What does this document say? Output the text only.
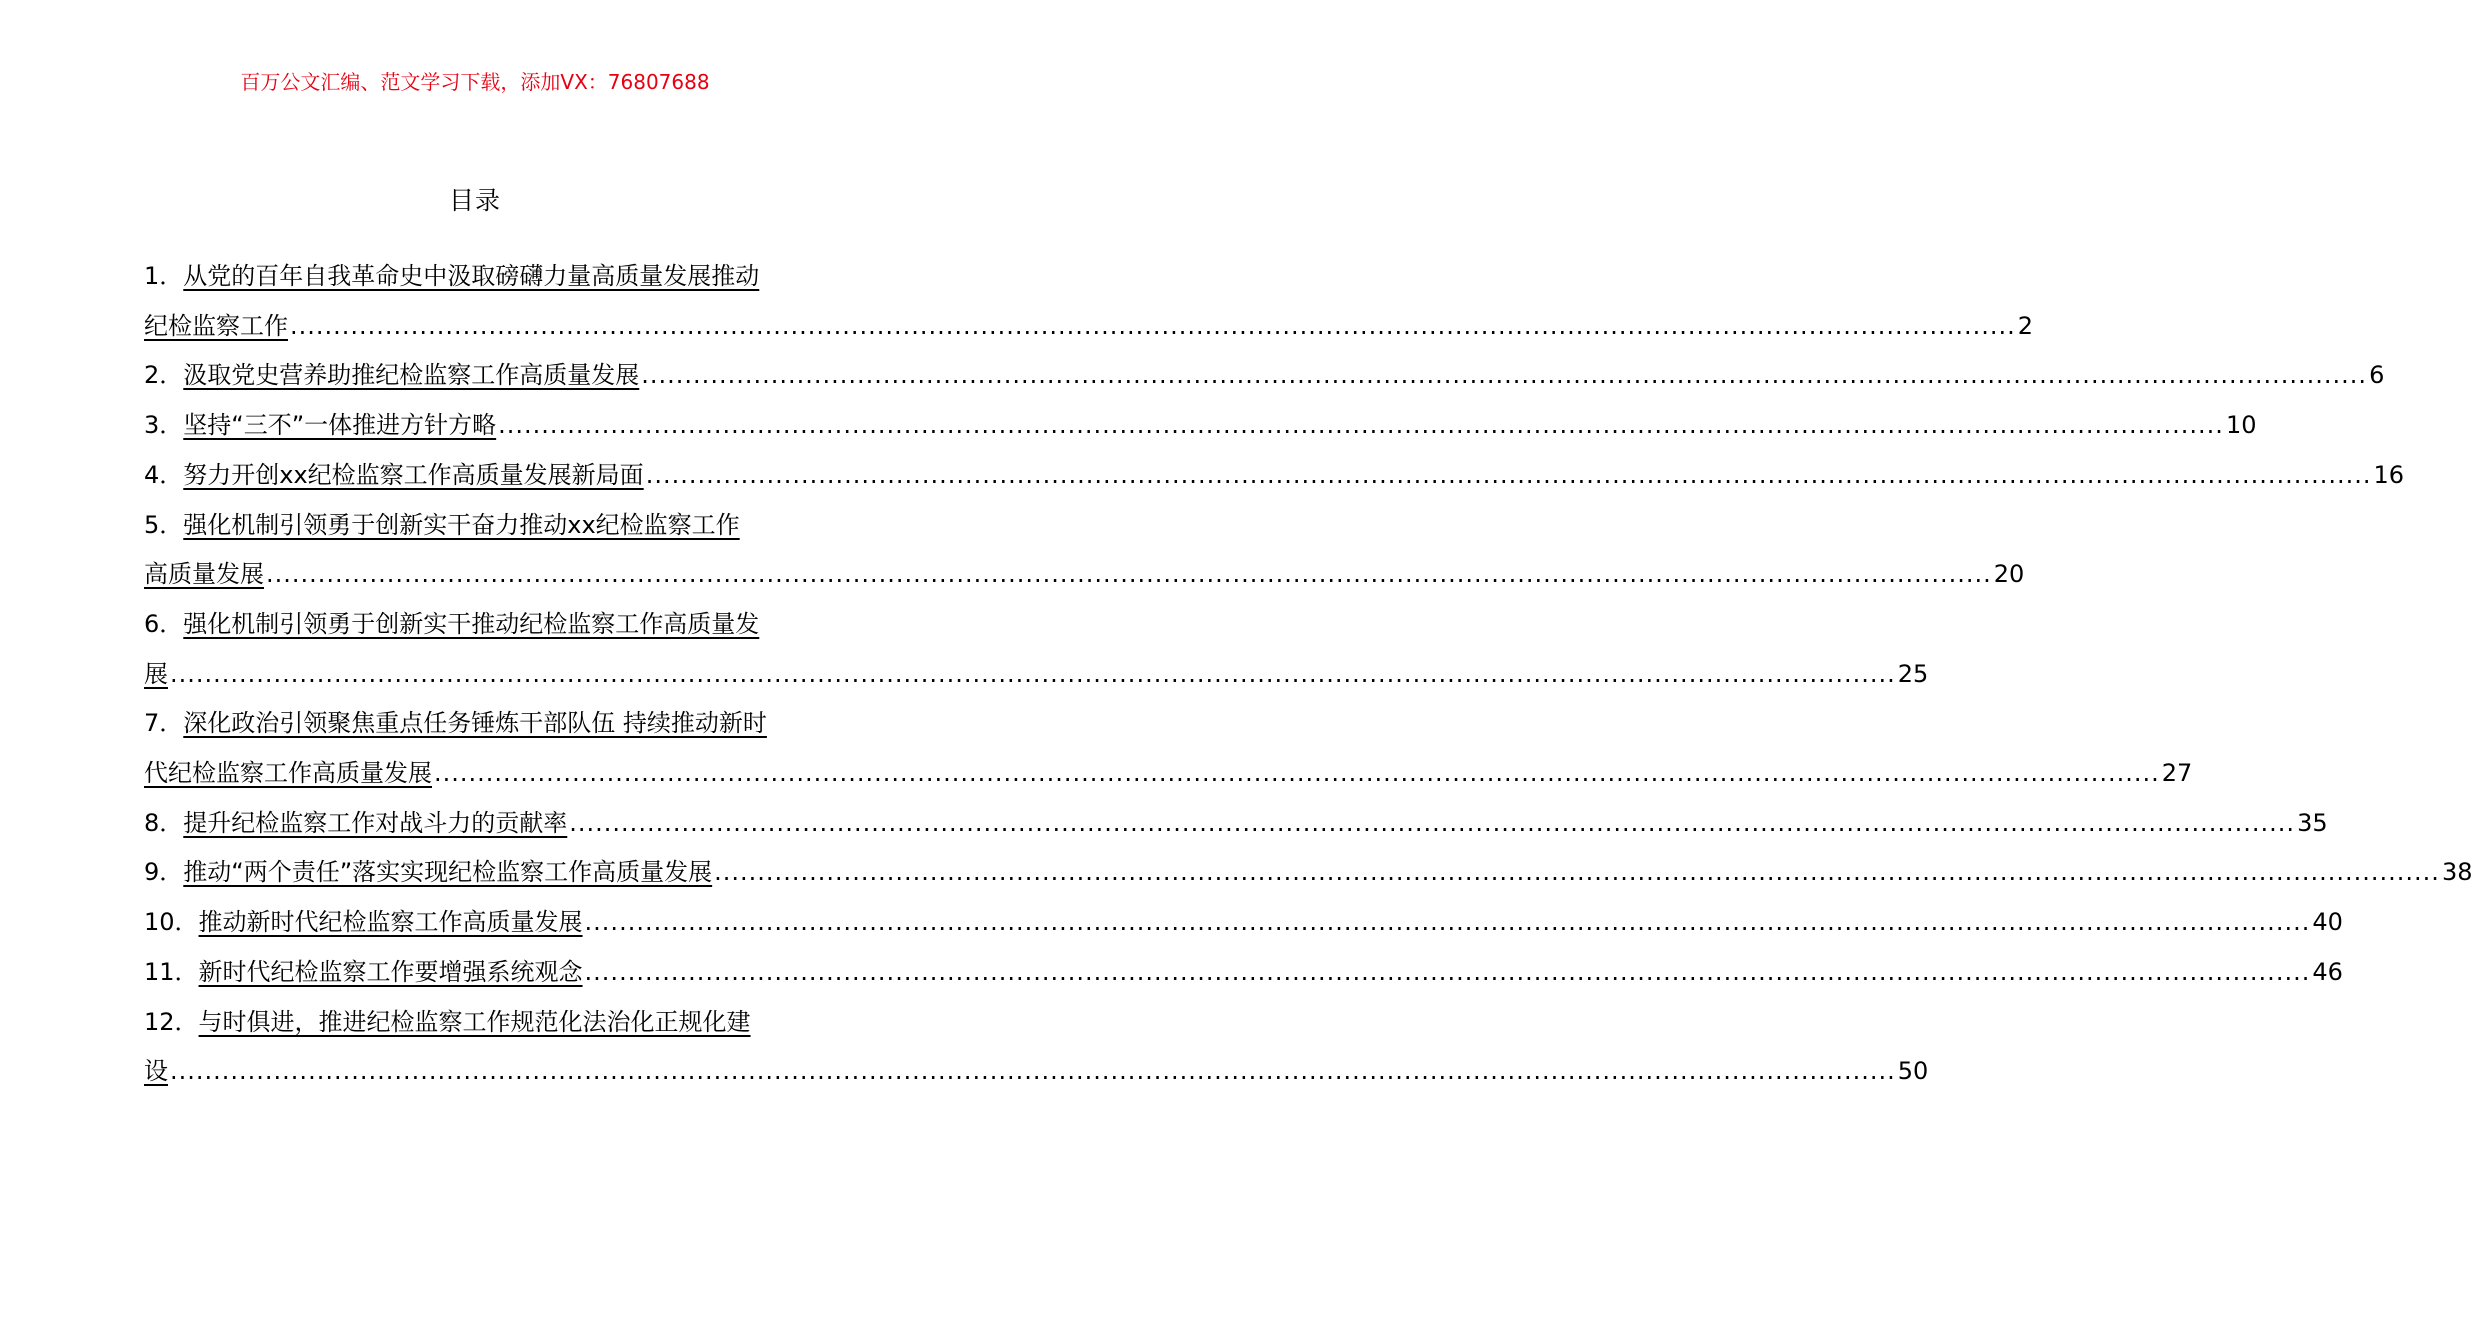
百万公文汇编、范文学习下载，添加VX：76807688
目录
1．从党的百年自我革命史中汲取磅礴力量高质量发展推动
纪检监察工作 ........................................................................................................................................................................................................ 2
2． 汲取党史营养助推纪检监察工作高质量发展 ........................................................................................................................................................................................................ 6
3． 坚持“三不”一体推进方针方略 ........................................................................................................................................................................................................ 10
4． 努力开创xx纪检监察工作高质量发展新局面 ........................................................................................................................................................................................................ 16
5．强化机制引领勇于创新实干奋力推动xx纪检监察工作
高质量发展 ........................................................................................................................................................................................................ 20
6．强化机制引领勇于创新实干推动纪检监察工作高质量发
展 ........................................................................................................................................................................................................ 25
7．深化政治引领聚焦重点任务锤炼干部队伍 持续推动新时
代纪检监察工作高质量发展 ........................................................................................................................................................................................................ 27
8． 提升纪检监察工作对战斗力的贡献率 ........................................................................................................................................................................................................ 35
9． 推动“两个责任”落实实现纪检监察工作高质量发展 ........................................................................................................................................................................................................ 38
10． 推动新时代纪检监察工作高质量发展 ........................................................................................................................................................................................................ 40
11． 新时代纪检监察工作要增强系统观念 ........................................................................................................................................................................................................ 46
12．与时俱进，推进纪检监察工作规范化法治化正规化建
设 ........................................................................................................................................................................................................ 50
